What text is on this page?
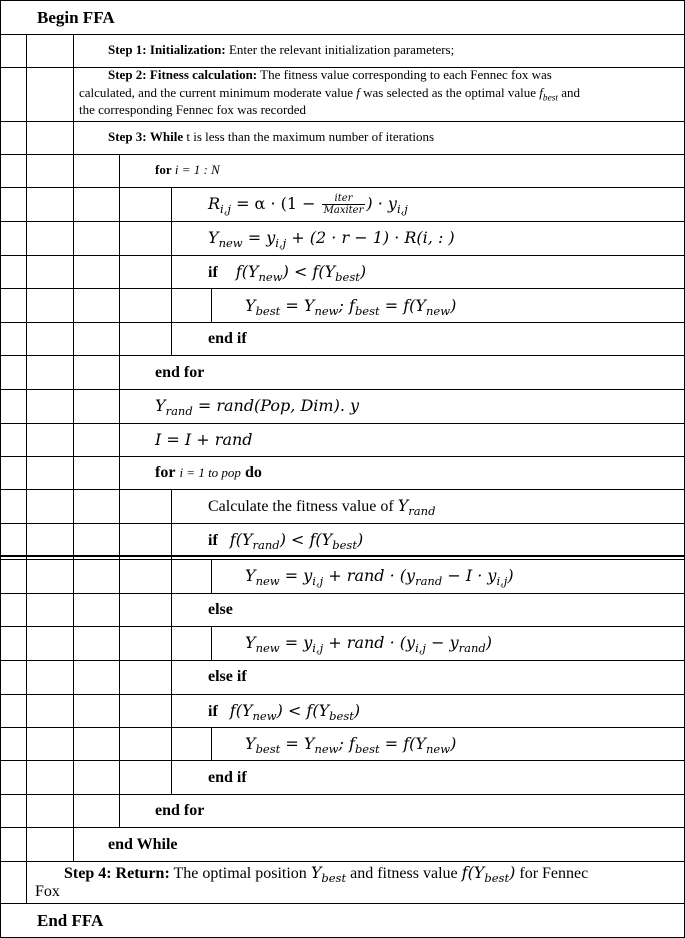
Begin FFA
Step 1: Initialization: Enter the relevant initialization parameters;
Step 2: Fitness calculation: The fitness value corresponding to each Fennec fox was
calculated, and the current minimum moderate value f was selected as the optimal value $f_{best}$ and
the corresponding Fennec fox was recorded
Step 3: While t is less than the maximum number of iterations
for i = 1 : N
$R_{i,j} = \alpha \cdot (1 - \frac{\text{iter}}{\text{Maxiter}}$ ) · $y_{i,j}$
$Y_{new} = y_{i,j} + (2 \cdot r - 1) \cdot R(i$, : )
if $f(Y_{new}) < f(Y_{best})$
$Y_{best} = Y_{new}$; $f_{best} = f(Y_{new})$
end if
end for
$Y_{rand}$ = rand(Pop, Dim). y
I = I + rand
for i = 1 to pop do
Calculate the fitness value of $Y_{rand}$
if $f(Y_{rand}) < f(Y_{best})$
$Y_{new} = y_{i,j}$ + rand · $(y_{rand} - I \cdot y_{i,j})$
else
$Y_{new} = y_{i,j}$ + rand · $(y_{i,j} - y_{rand})$
else if
if $f(Y_{new}) < f(Y_{best})$
$Y_{best} = Y_{new}$; $f_{best} = f(Y_{new})$
end if
end for
end While
Step 4: Return: The optimal position $Y_{best}$ and fitness value $f(Y_{best})$ for Fennec
Fox
End FFA
